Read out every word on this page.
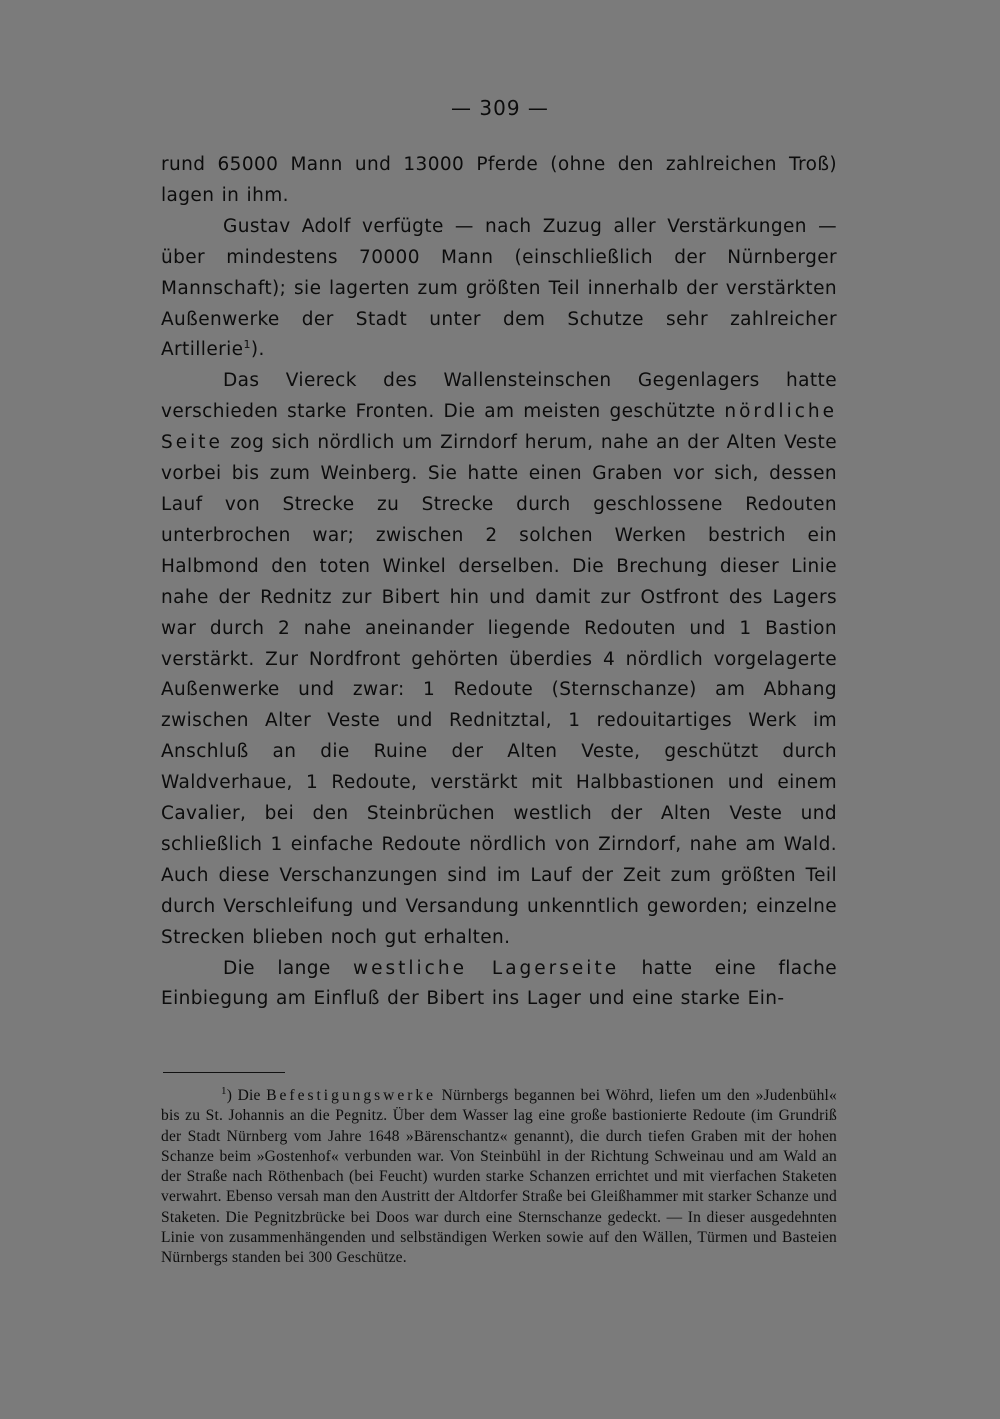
— 309 —

rund 65000 Mann und 13000 Pferde (ohne den zahlreichen Troß) lagen in ihm.

Gustav Adolf verfügte — nach Zuzug aller Verstärkungen — über mindestens 70000 Mann (einschließlich der Nürnberger Mannschaft); sie lagerten zum größten Teil innerhalb der verstärkten Außenwerke der Stadt unter dem Schutze sehr zahlreicher Artillerie$^1$).

Das Viereck des Wallensteinschen Gegenlagers hatte verschieden starke Fronten. Die am meisten geschützte nördliche Seite zog sich nördlich um Zirndorf herum, nahe an der Alten Veste vorbei bis zum Weinberg. Sie hatte einen Graben vor sich, dessen Lauf von Strecke zu Strecke durch geschlossene Redouten unterbrochen war; zwischen 2 solchen Werken bestrich ein Halbmond den toten Winkel derselben. Die Brechung dieser Linie nahe der Rednitz zur Bibert hin und damit zur Ostfront des Lagers war durch 2 nahe aneinander liegende Redouten und 1 Bastion verstärkt. Zur Nordfront gehörten überdies 4 nördlich vorgelagerte Außenwerke und zwar: 1 Redoute (Sternschanze) am Abhang zwischen Alter Veste und Rednitztal, 1 redouitartiges Werk im Anschluß an die Ruine der Alten Veste, geschützt durch Waldverhaue, 1 Redoute, verstärkt mit Halbbastionen und einem Cavalier, bei den Steinbrüchen westlich der Alten Veste und schließlich 1 einfache Redoute nördlich von Zirndorf, nahe am Wald. Auch diese Verschanzungen sind im Lauf der Zeit zum größten Teil durch Verschleifung und Versandung unkenntlich geworden; einzelne Strecken blieben noch gut erhalten.

Die lange westliche Lagerseite hatte eine flache Einbiegung am Einfluß der Bibert ins Lager und eine starke Ein-

$^1$) Die Befestigungswerke Nürnbergs begannen bei Wöhrd, liefen um den »Judenbühl« bis zu St. Johannis an die Pegnitz. Über dem Wasser lag eine große bastionierte Redoute (im Grundriß der Stadt Nürnberg vom Jahre 1648 »Bärenschantz« genannt), die durch tiefen Graben mit der hohen Schanze beim »Gostenhof« verbunden war. Von Steinbühl in der Richtung Schweinau und am Wald an der Straße nach Röthenbach (bei Feucht) wurden starke Schanzen errichtet und mit vierfachen Staketen verwahrt. Ebenso versah man den Austritt der Altdorfer Straße bei Gleißhammer mit starker Schanze und Staketen. Die Pegnitzbrücke bei Doos war durch eine Sternschanze gedeckt. — In dieser ausgedehnten Linie von zusammenhängenden und selbständigen Werken sowie auf den Wällen, Türmen und Basteien Nürnbergs standen bei 300 Geschütze.
